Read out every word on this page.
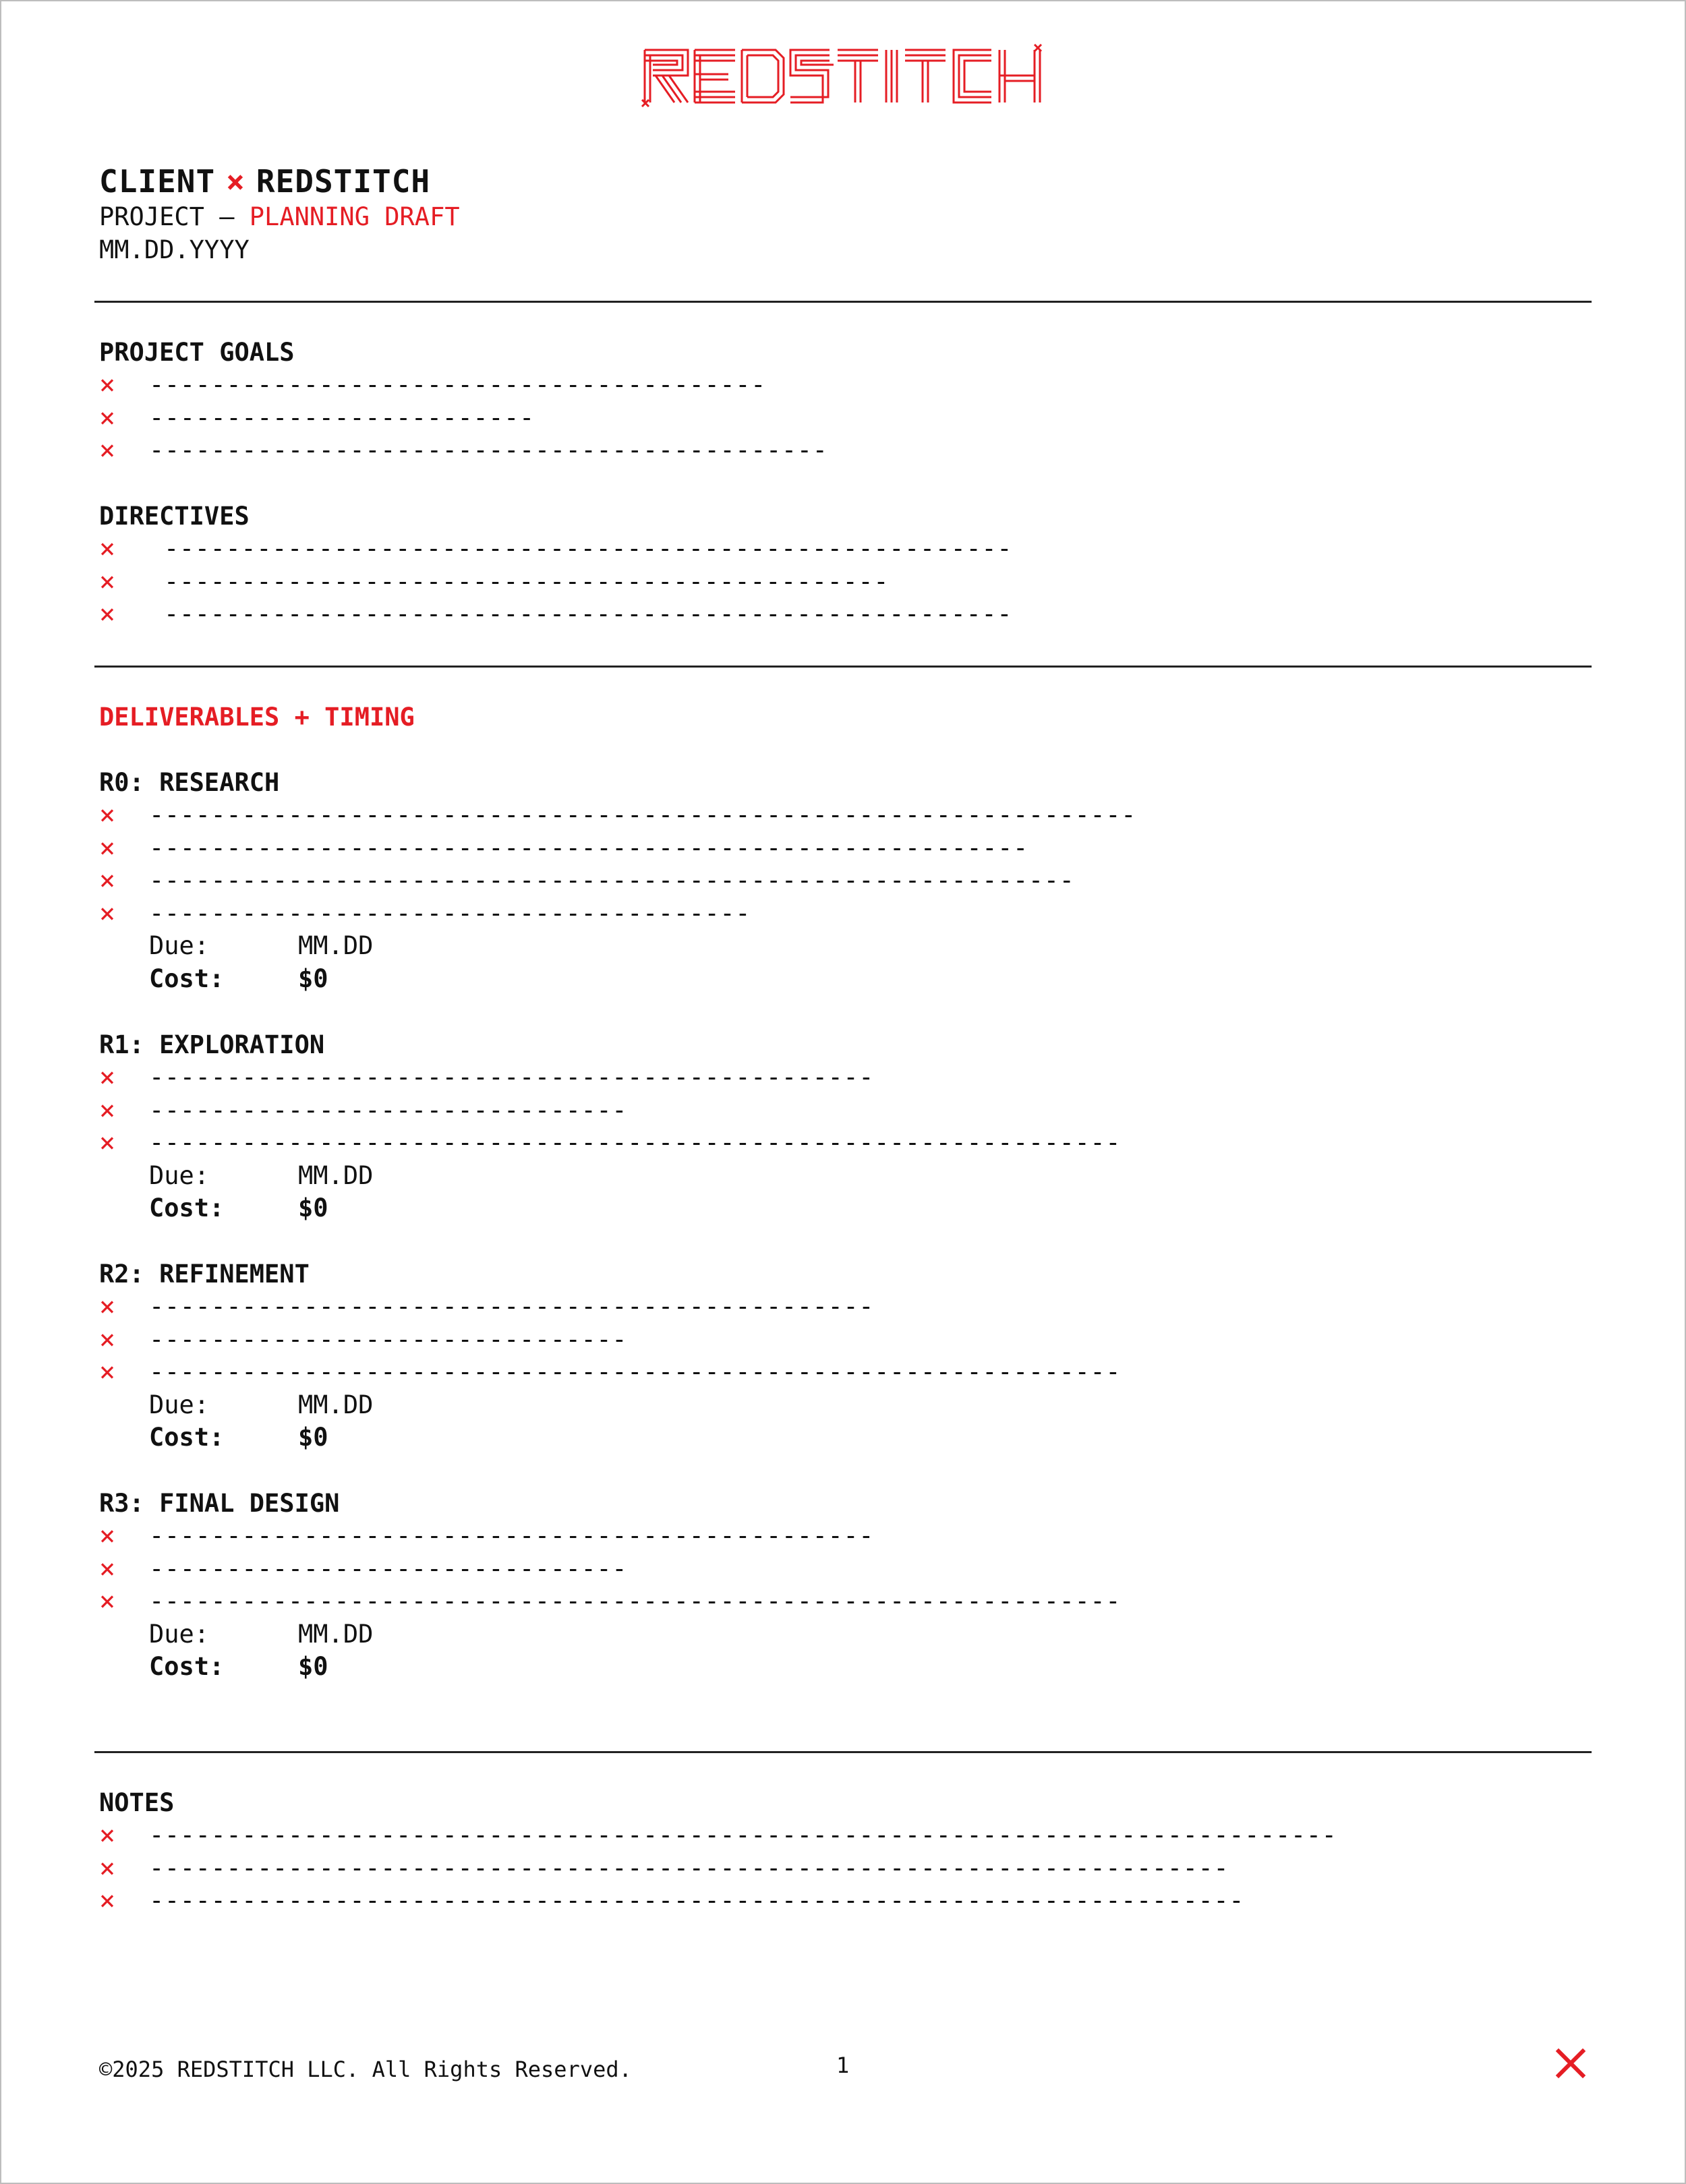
CLIENT × REDSTITCH
PROJECT — PLANNING DRAFT
MM.DD.YYYY
PROJECT GOALS
× ----------------------------------------
× -------------------------
× --------------------------------------------
DIRECTIVES
× -------------------------------------------------------
× -----------------------------------------------
× -------------------------------------------------------
DELIVERABLES + TIMING
R0: RESEARCH
× ----------------------------------------------------------------
× ---------------------------------------------------------
× ------------------------------------------------------------
× ---------------------------------------
Due:	MM.DD
Cost:	$0
R1: EXPLORATION
× -----------------------------------------------
× -------------------------------
× ---------------------------------------------------------------
Due:	MM.DD
Cost:	$0
R2: REFINEMENT
× -----------------------------------------------
× -------------------------------
× ---------------------------------------------------------------
Due:	MM.DD
Cost:	$0
R3: FINAL DESIGN
× -----------------------------------------------
× -------------------------------
× ---------------------------------------------------------------
Due:	MM.DD
Cost:	$0
NOTES
× -----------------------------------------------------------------------------
× ----------------------------------------------------------------------
× -----------------------------------------------------------------------
©2025 REDSTITCH LLC. All Rights Reserved.	1
